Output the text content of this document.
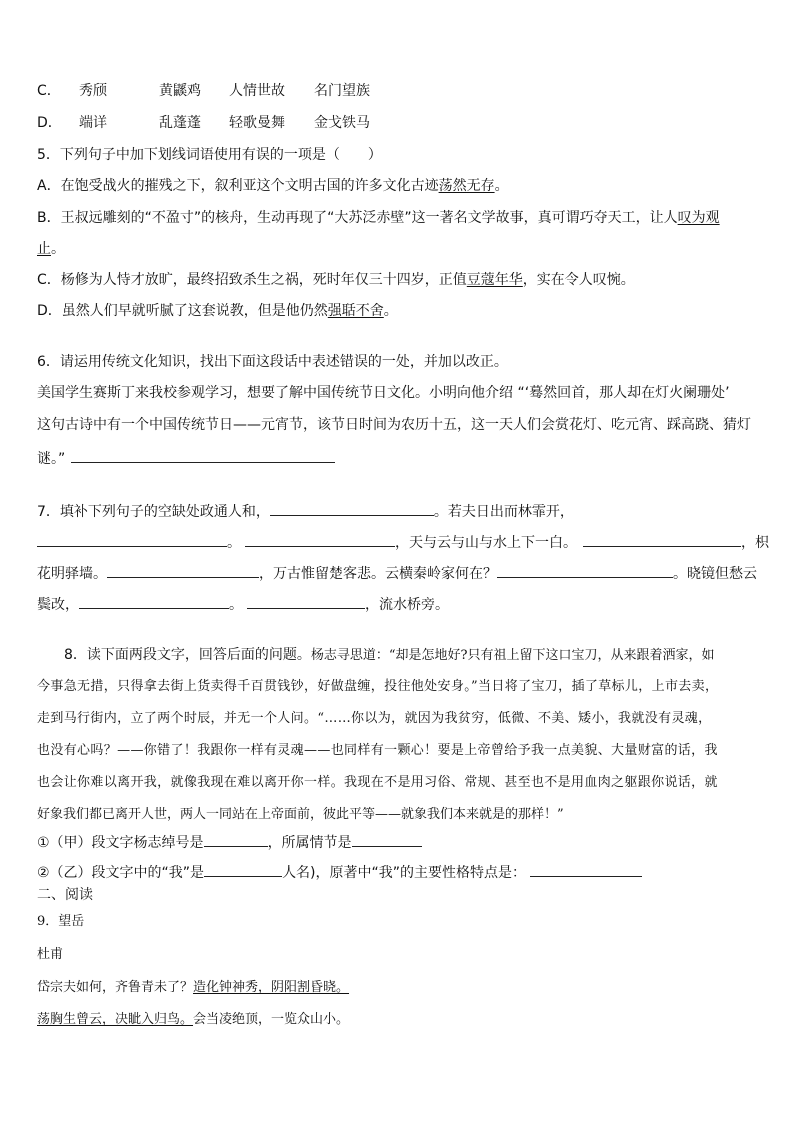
C． 秀颀	黄鼷鸡 人情世故 名门望族
D． 端详	乱蓬蓬 轻歌曼舞 金戈铁马
5．下列句子中加下划线词语使用有误的一项是（　　）
A．在饱受战火的摧残之下，叙利亚这个文明古国的许多文化古迹荡然无存。
B．王叔远雕刻的“不盈寸”的核舟，生动再现了“大苏泛赤壁”这一著名文学故事，真可谓巧夺天工，让人叹为观
止。
C．杨修为人恃才放旷，最终招致杀生之祸，死时年仅三十四岁，正值豆蔻年华，实在令人叹惋。
D．虽然人们早就听腻了这套说教，但是他仍然强聒不舍。
6．请运用传统文化知识，找出下面这段话中表述错误的一处，并加以改正。
美国学生赛斯丁来我校参观学习，想要了解中国传统节日文化。小明向他介绍 “‘蓦然回首，那人却在灯火阑珊处’
这句古诗中有一个中国传统节日——元宵节，该节日时间为农历十五，这一天人们会赏花灯、吃元宵、踩高跷、猜灯
谜。”
7．填补下列句子的空缺处政通人和，	。若夫日出而林霏开，
。	，天与云与山与水上下一白。	，枳
花明驿墙。	，万古惟留楚客悲。云横秦岭家何在？	。晓镜但愁云
鬓改，	。	，流水桥旁。
8．读下面两段文字，回答后面的问题。杨志寻思道：“却是怎地好?只有祖上留下这口宝刀，从来跟着洒家，如
今事急无措，只得拿去街上货卖得千百贯钱钞，好做盘缠，投往他处安身。”当日将了宝刀，插了草标儿，上市去卖，
走到马行街内，立了两个时辰，并无一个人问。“……你以为，就因为我贫穷，低微、不美、矮小，我就没有灵魂，
也没有心吗？——你错了！我跟你一样有灵魂——也同样有一颗心！要是上帝曾给予我一点美貌、大量财富的话，我
也会让你难以离开我，就像我现在难以离开你一样。我现在不是用习俗、常规、甚至也不是用血肉之躯跟你说话，就
好象我们都已离开人世，两人一同站在上帝面前，彼此平等——就象我们本来就是的那样！”
①（甲）段文字杨志绰号是	，所属情节是
②（乙）段文字中的“我”是	人名)，原著中“我”的主要性格特点是：
二、阅读
9．望岳
杜甫
岱宗夫如何，齐鲁青未了？造化钟神秀，阴阳割昏晓。
荡胸生曾云，决眦入归鸟。会当凌绝顶，一览众山小。
